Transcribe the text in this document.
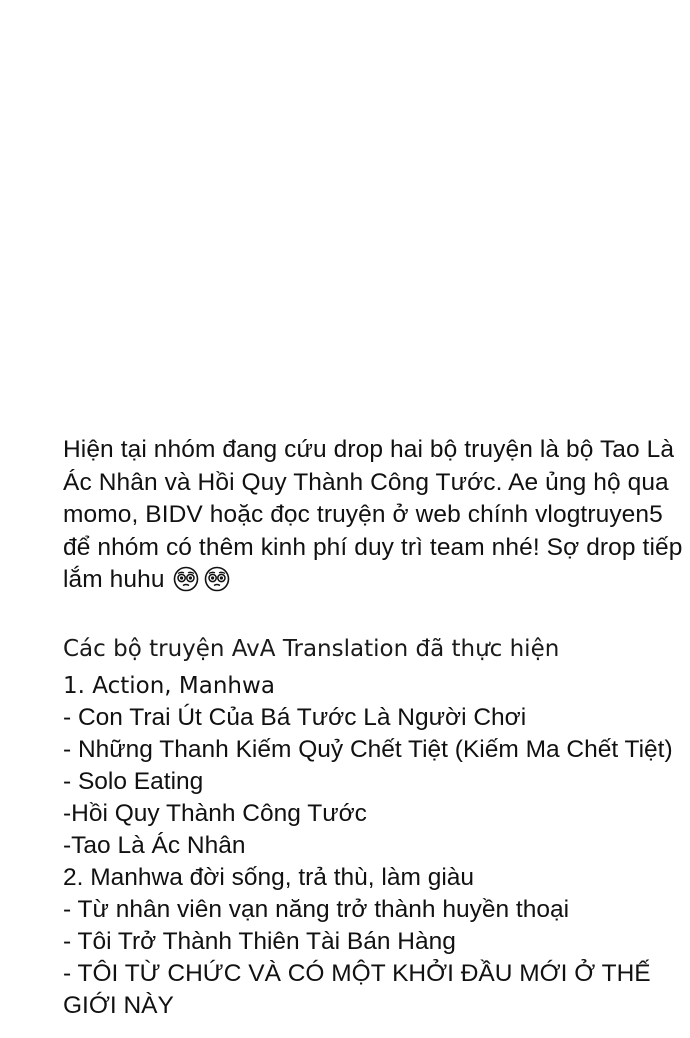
Hiện tại nhóm đang cứu drop hai bộ truyện là bộ Tao Là Ác Nhân và Hồi Quy Thành Công Tước. Ae ủng hộ qua momo, BIDV hoặc đọc truyện ở web chính vlogtruyen5 để nhóm có thêm kinh phí duy trì team nhé! Sợ drop tiếp lắm huhu

Các bộ truyện AvA Translation đã thực hiện
1. Action, Manhwa
- Con Trai Út Của Bá Tước Là Người Chơi
- Những Thanh Kiếm Quỷ Chết Tiệt (Kiếm Ma Chết Tiệt)
- Solo Eating
-Hồi Quy Thành Công Tước
-Tao Là Ác Nhân
2. Manhwa đời sống, trả thù, làm giàu
- Từ nhân viên vạn năng trở thành huyền thoại
- Tôi Trở Thành Thiên Tài Bán Hàng
- TÔI TỪ CHỨC VÀ CÓ MỘT KHỞI ĐẦU MỚI Ở THẾ GIỚI NÀY
